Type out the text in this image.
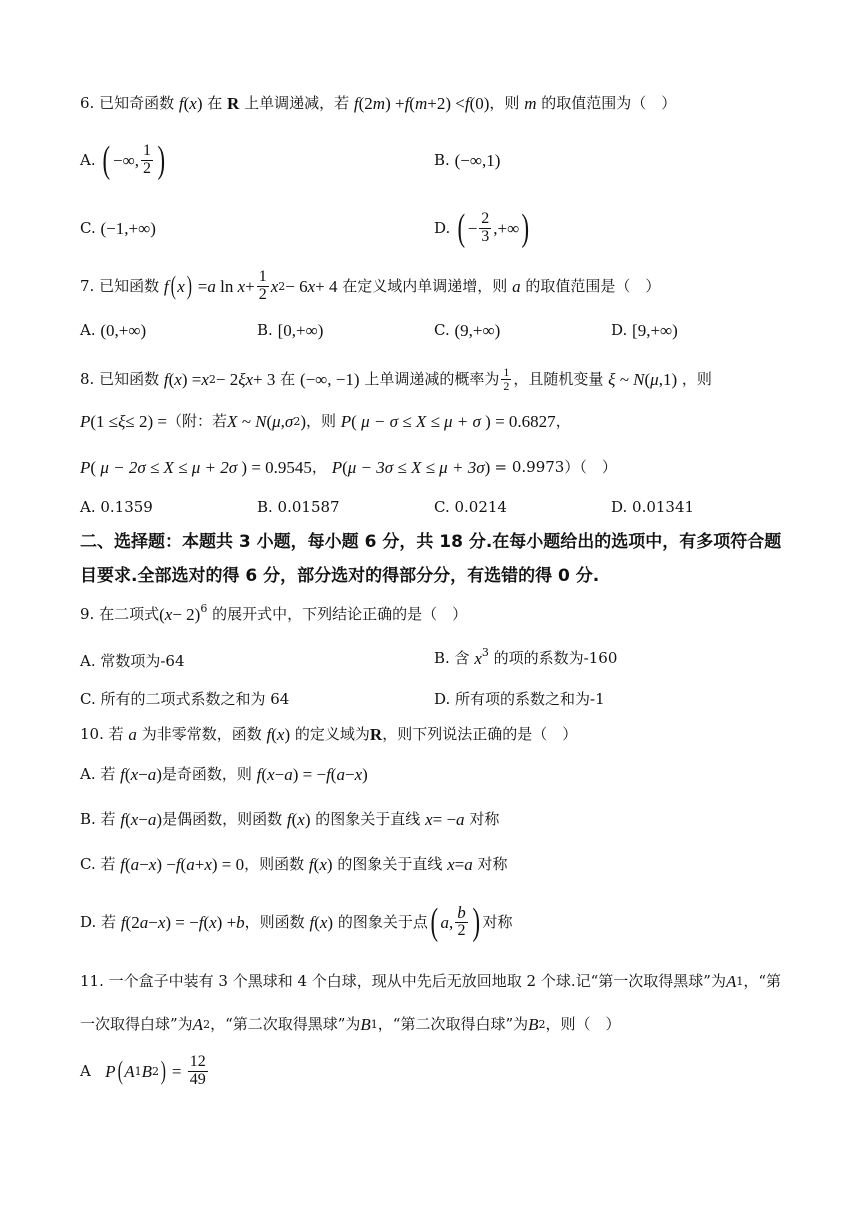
6. 已知奇函数
f ( x ) 在 R 上单调递减，若 f (2 m ) + f ( m +2) < f (0) ，则 m 的取值范围为 （　）
A.
( −∞,
1
2 )	B.
(−∞,1)
C.
(−1,+∞)	D.
( − $\frac{2}{3}$ ,+∞ )
7. 已知函数
f ( x ) = a $\ln x + \frac{1}{2}$ x 2 − 6 x + 4
在定义域内单调递增，则
a
的取值范围是（　）
A.
(0,+∞)	B.
[0,+∞)	C.
(9,+∞)	D.
[9,+∞)
8. 已知函数
f ( x ) = x 2 − 2 ξx + 3 在 (−∞, −1)
上单调递减的概率为 1
2 ，且随机变量
ξ ~ N ( μ ,1)
，则
P (1 ≤ ξ ≤ 2) = （附：若 X ~ N ( μ , σ 2 ) ，则
P ( μ − σ ≤ X ≤ μ + σ ) = 0.6827 ，
P ( μ − 2σ ≤ X ≤ μ + 2σ ) = 0.9545 ， P ( μ − 3σ ≤ X ≤ μ + 3σ ) = 0.9973）（　）
A. 0.1359	B. 0.01587	C. 0.0214	D. 0.01341
二、选择题：本题共 3 小题，每小题 6 分，共 18 分.在每小题给出的选项中，有多项符合题
目要求.全部选对的得 6 分，部分选对的得部分分，有选错的得 0 分.
9. 在二项式 ( x − 2)$^6$
的展开式中，下列结论正确的是（　）
A. 常数项为-64	B. 含
$x^3$
的项的系数为-160
C. 所有的二项式系数之和为 64	D. 所有项的系数之和为-1
10. 若
a
为非零常数，函数
f ( x )
的定义域为 R ，则下列说法正确的是（　）
A. 若
f ( x − a ) 是奇函数，则
f ( x − a ) = − f ( a − x )
B. 若
f ( x − a ) 是偶函数，则函数
f ( x )
的图象关于直线
x = − a
对称
C. 若
f ( a − x ) − f ( a + x ) = 0 ，则函数
f ( x )
的图象关于直线
x = a
对称
D. 若
f (2 a − x ) = − f ( x ) + b ，则函数
f ( x )
的图象关于点 ( a , b
2 ) 对称
11. 一个盒子中装有 3 个黑球和 4 个白球，现从中先后无放回地取 2 个球.记“第一次取得黑球”为 A 1 ，“第
一次取得白球”为 A 2 ，“第二次取得黑球”为 B 1 ，“第二次取得白球”为 B 2 ，则（　）
A
P ( A 1 B 2 ) = $\frac{12}{49}$
